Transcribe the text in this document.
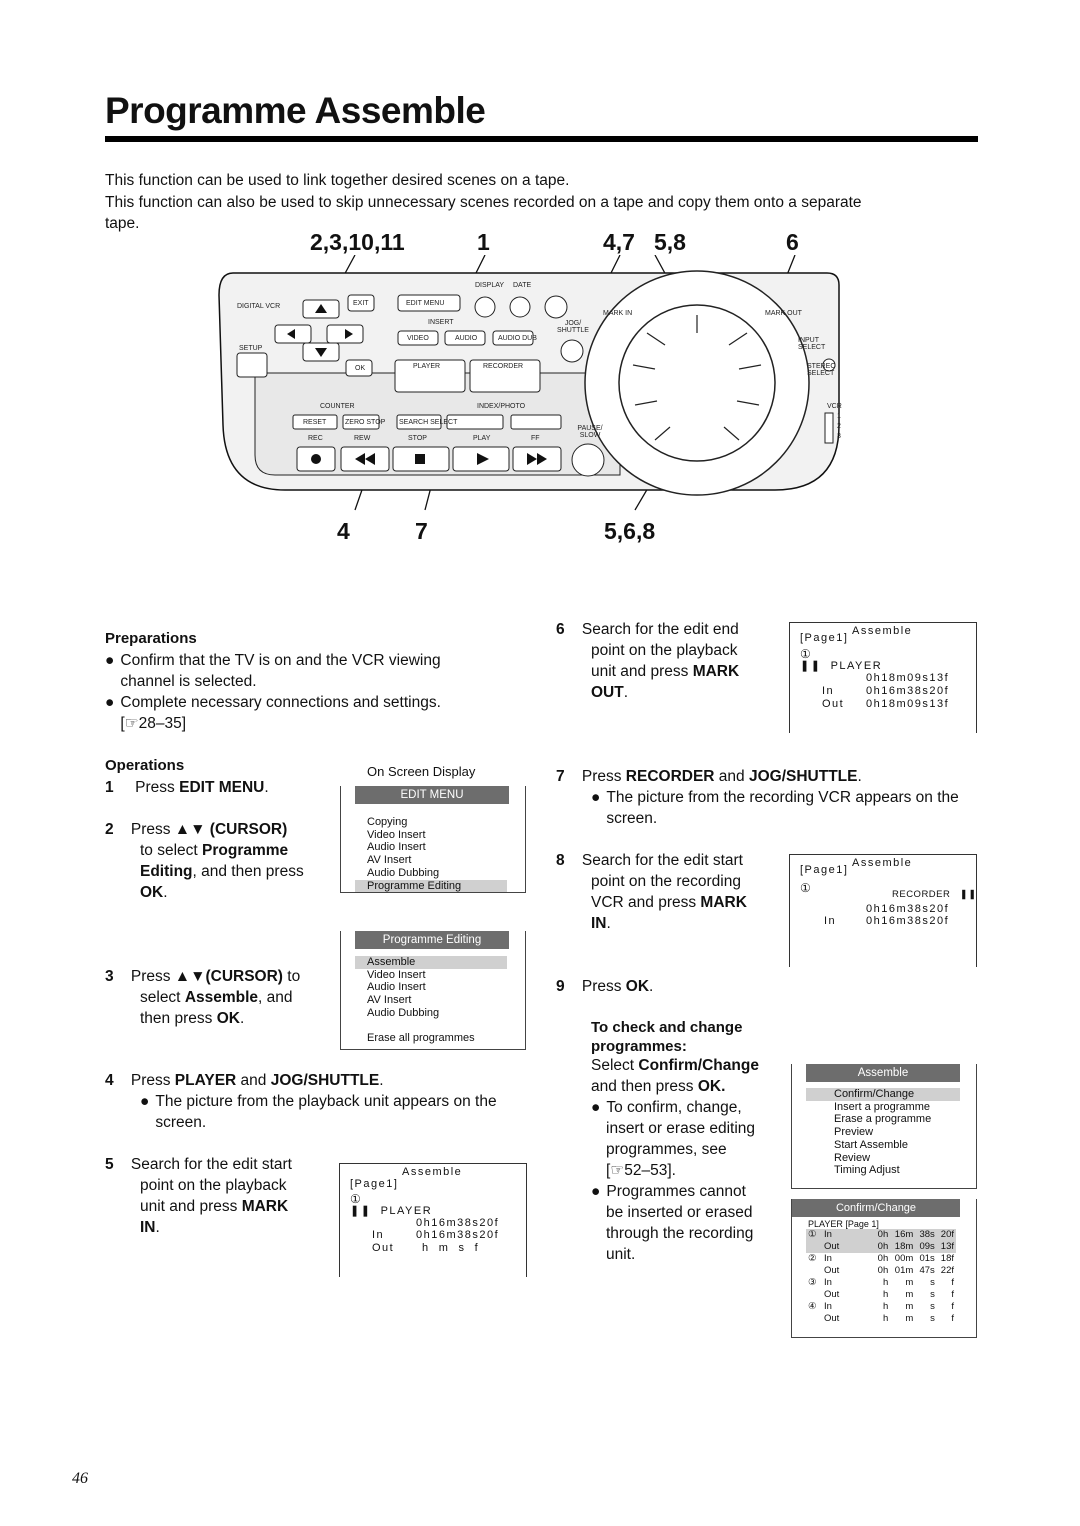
Programme Assemble
This function can be used to link together desired scenes on a tape.
This function can also be used to skip unnecessary scenes recorded on a tape and copy them onto a separate
tape.
2,3,10,11	1	4,7 5,8	6
4	7	5,6,8
DIGITAL VCR	EXIT	EDIT MENU
DISPLAY DATE
INSERT
VIDEO	AUDIO	AUDIO DUB
JOG/ SHUTTLE
MARK IN	MARK OUT
INPUT SELECT
SETUP
OK	PLAYER	RECORDER	STEREO SELECT
COUNTER	INDEX/PHOTO	VCR
RESET	ZERO STOP SEARCH SELECT
REC	REW	STOP	PLAY	FF
PAUSE/ SLOW
1
2
3
Preparations
● Confirm that the TV is on and the VCR viewing channel is selected.
● Complete necessary connections and settings.
[☞28–35]
Operations	On Screen Display
1 Press EDIT MENU.
2 Press ▲▼ (CURSOR)
to select Programme
Editing, and then press
OK.
EDIT MENU
Copying
Video Insert
Audio Insert
AV Insert
Audio Dubbing
Programme Editing
Programme Editing
Assemble
Video Insert
Audio Insert
AV Insert
Audio Dubbing
Erase all programmes
3 Press ▲▼(CURSOR) to
select Assemble, and
then press OK.
4 Press PLAYER and JOG/SHUTTLE.
● The picture from the playback unit appears on the screen.
5 Search for the edit start
point on the playback
unit and press MARK
IN.
Assemble
[Page1]
①
❚❚ PLAYER
0h16m38s20f
In	0h16m38s20f
Out	h  m  s  f
6 Search for the edit end
point on the playback
unit and press MARK
OUT.
Assemble
[Page1]
①
❚❚ PLAYER
0h18m09s13f
In	0h16m38s20f
Out 0h18m09s13f
7 Press RECORDER and JOG/SHUTTLE.
● The picture from the recording VCR appears on the screen.
8 Search for the edit start
point on the recording
VCR and press MARK
IN.
Assemble
[Page1]
①	RECORDER ❚❚
0h16m38s20f
In	0h16m38s20f
9 Press OK.
To check and change
programmes:
Select Confirm/Change
and then press OK.
● To confirm, change,
insert or erase editing
programmes, see
[☞52–53].
● Programmes cannot
be inserted or erased
through the recording
unit.
Assemble
Confirm/Change
Insert a programme
Erase a programme
Preview
Start Assemble
Review
Timing Adjust
Confirm/Change
PLAYER [Page 1]
①	In	0h	16m	38s	20f
	Out	0h	18m	09s	13f
②	In	0h	00m	01s	18f
	Out	0h	01m	47s	22f
③	In	h	m	s	f
	Out	h	m	s	f
④	In	h	m	s	f
	Out	h	m	s	f
46
